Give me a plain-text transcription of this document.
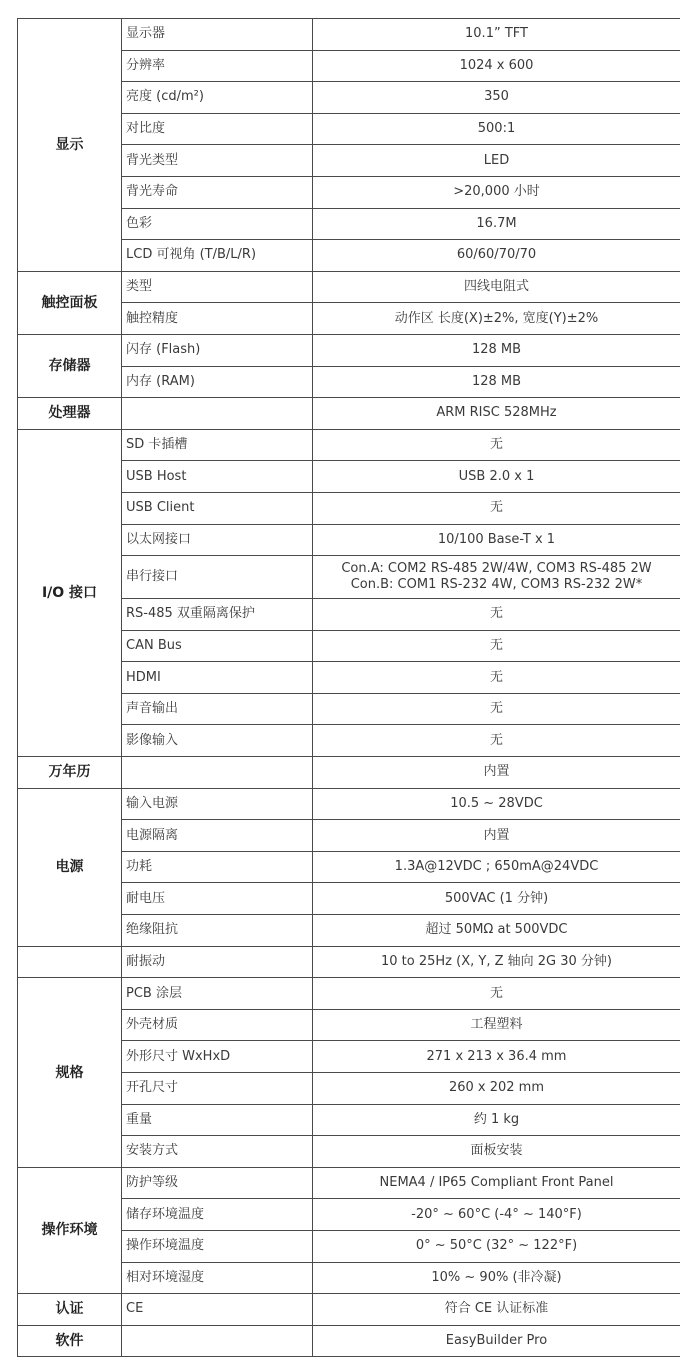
显示	显示器	10.1” TFT
	分辨率	1024 x 600
	亮度 (cd/m²)	350
	对比度	500:1
	背光类型	LED
	背光寿命	>20,000 小时
	色彩	16.7M
	LCD 可视角 (T/B/L/R)	60/60/70/70
触控面板	类型	四线电阻式
	触控精度	动作区 长度(X)±2%, 宽度(Y)±2%
存储器	闪存 (Flash)	128 MB
	内存 (RAM)	128 MB
处理器		ARM RISC 528MHz
I/O 接口	SD 卡插槽	无
	USB Host	USB 2.0 x 1
	USB Client	无
	以太网接口	10/100 Base-T x 1
	串行接口	Con.A: COM2 RS-485 2W/4W, COM3 RS-485 2W
Con.B: COM1 RS-232 4W, COM3 RS-232 2W*

	RS-485 双重隔离保护	无
	CAN Bus	无
	HDMI	无
	声音输出	无
	影像输入	无
万年历		内置
电源	输入电源	10.5 ~ 28VDC
	电源隔离	内置
	功耗	1.3A@12VDC ; 650mA@24VDC
	耐电压	500VAC (1 分钟)
	绝缘阻抗	超过 50MΩ at 500VDC
	耐振动	10 to 25Hz (X, Y, Z 轴向 2G 30 分钟)
规格	PCB 涂层	无
	外壳材质	工程塑料
	外形尺寸 WxHxD	271 x 213 x 36.4 mm
	开孔尺寸	260 x 202 mm
	重量	约 1 kg
	安装方式	面板安装
操作环境	防护等级	NEMA4 / IP65 Compliant Front Panel
	储存环境温度	-20° ~ 60°C (-4° ~ 140°F)
	操作环境温度	0° ~ 50°C (32° ~ 122°F)
	相对环境湿度	10% ~ 90% (非冷凝)
认证	CE	符合 CE 认证标准
软件		EasyBuilder Pro
